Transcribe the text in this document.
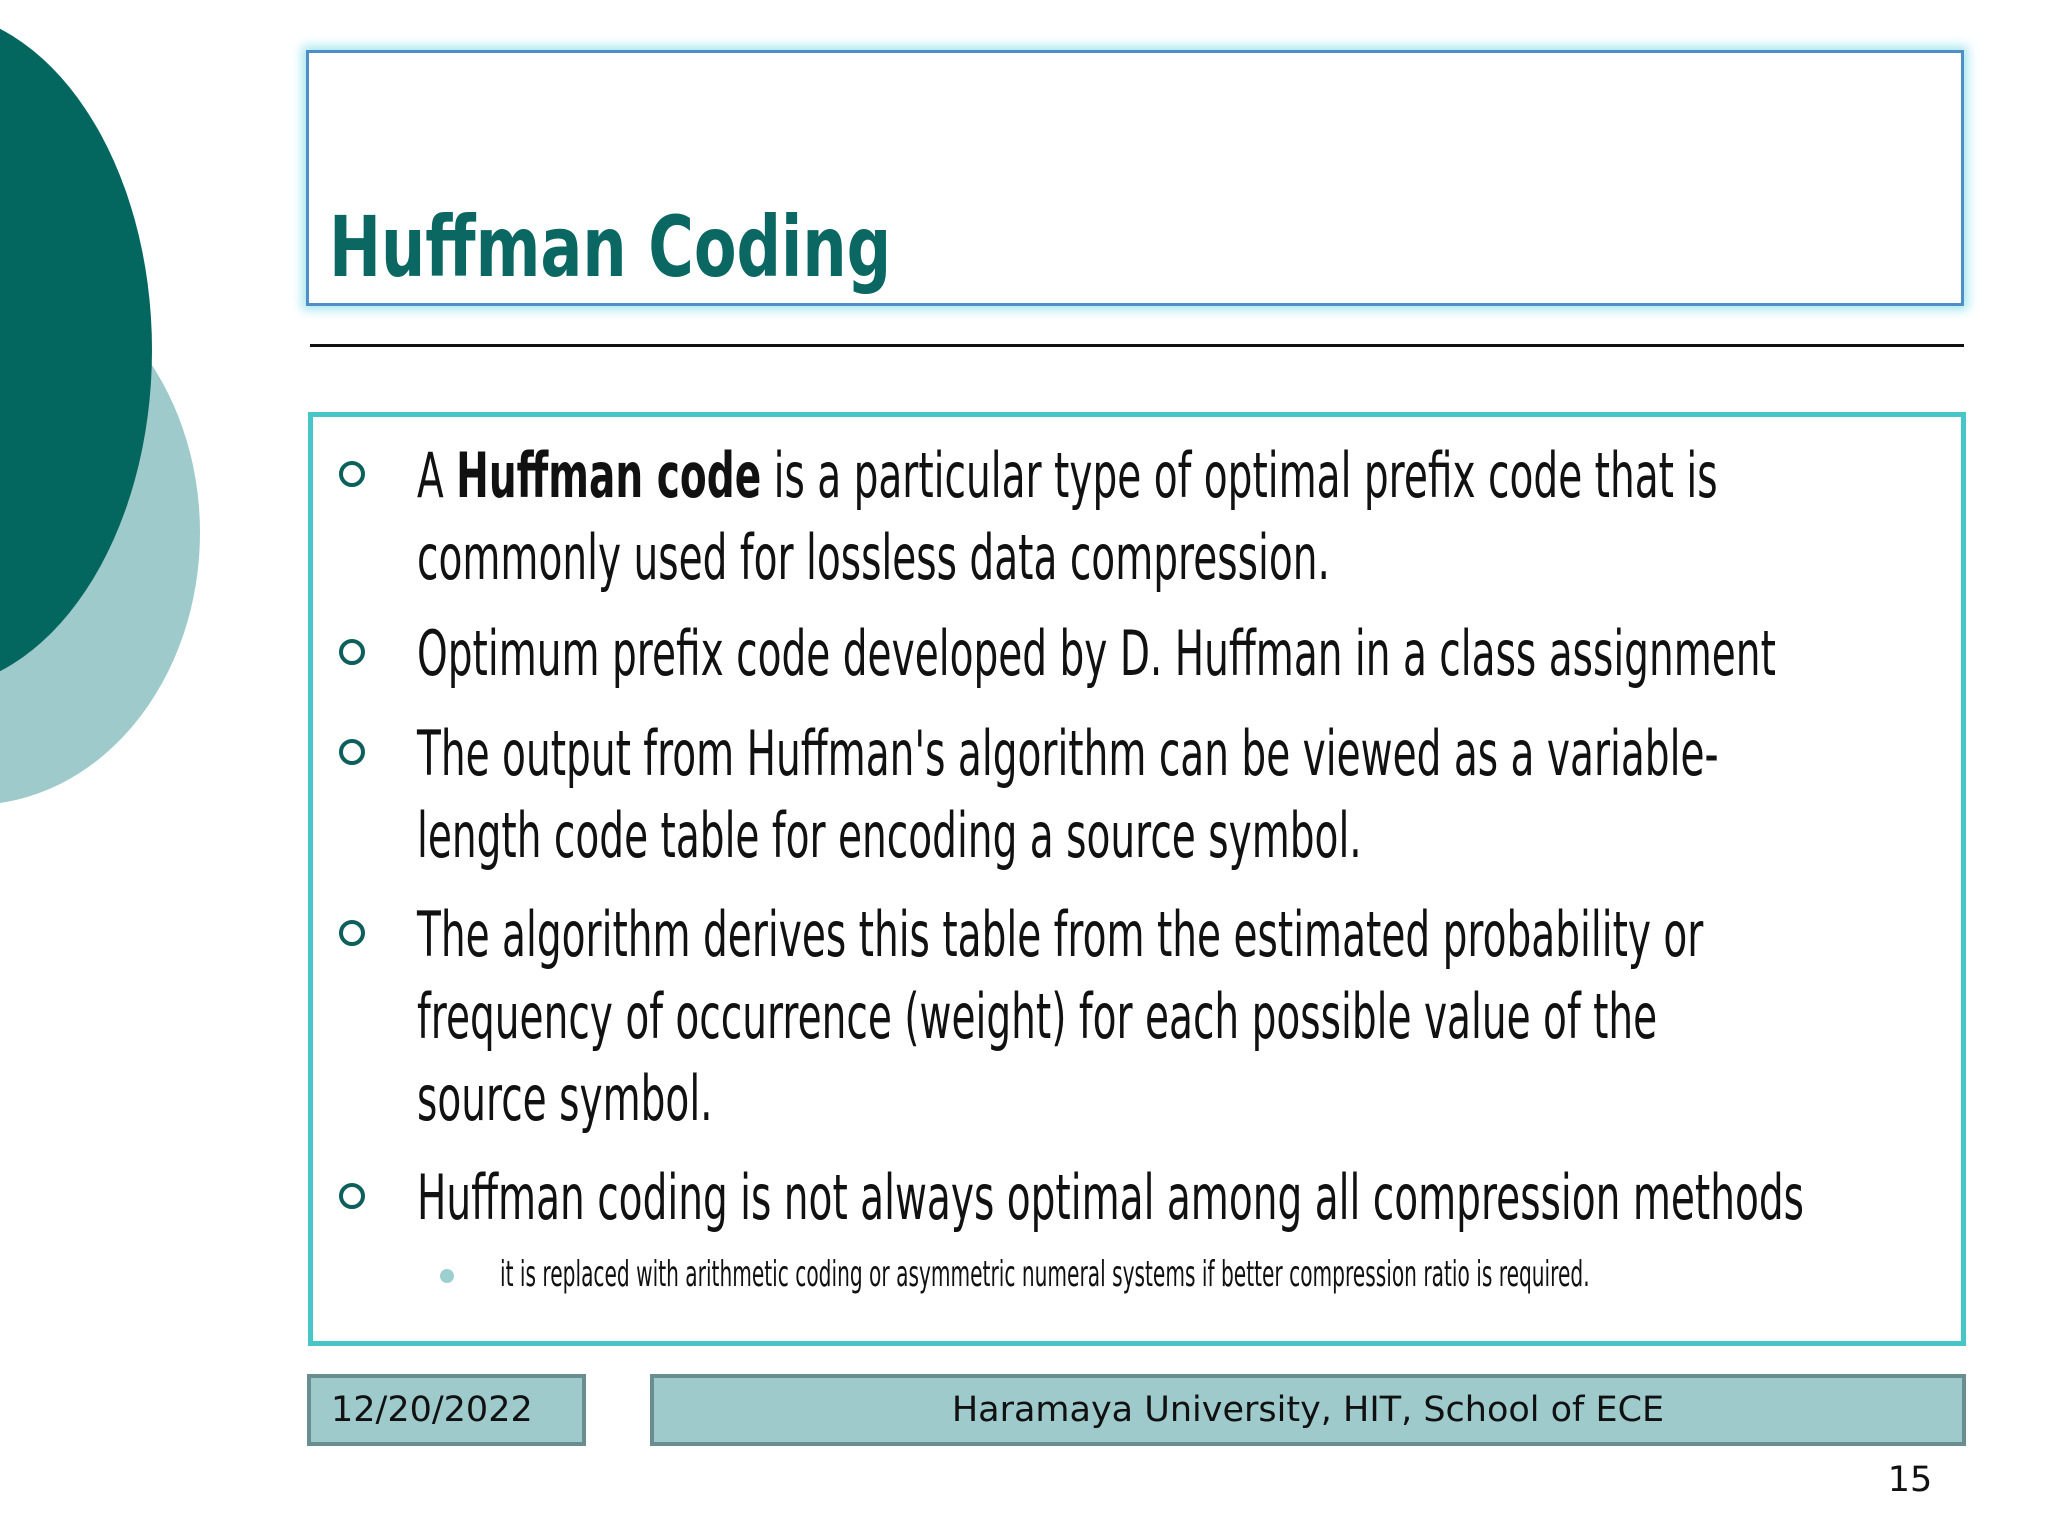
Huffman Coding

A Huffman code is a particular type of optimal prefix code that is
commonly used for lossless data compression.

Optimum prefix code developed by D. Huffman in a class assignment

The output from Huffman's algorithm can be viewed as a variable-
length code table for encoding a source symbol.

The algorithm derives this table from the estimated probability or
frequency of occurrence (weight) for each possible value of the
source symbol.

Huffman coding is not always optimal among all compression methods

it is replaced with arithmetic coding or asymmetric numeral systems if better compression ratio is required.

12/20/2022	Haramaya University, HIT, School of ECE
15
